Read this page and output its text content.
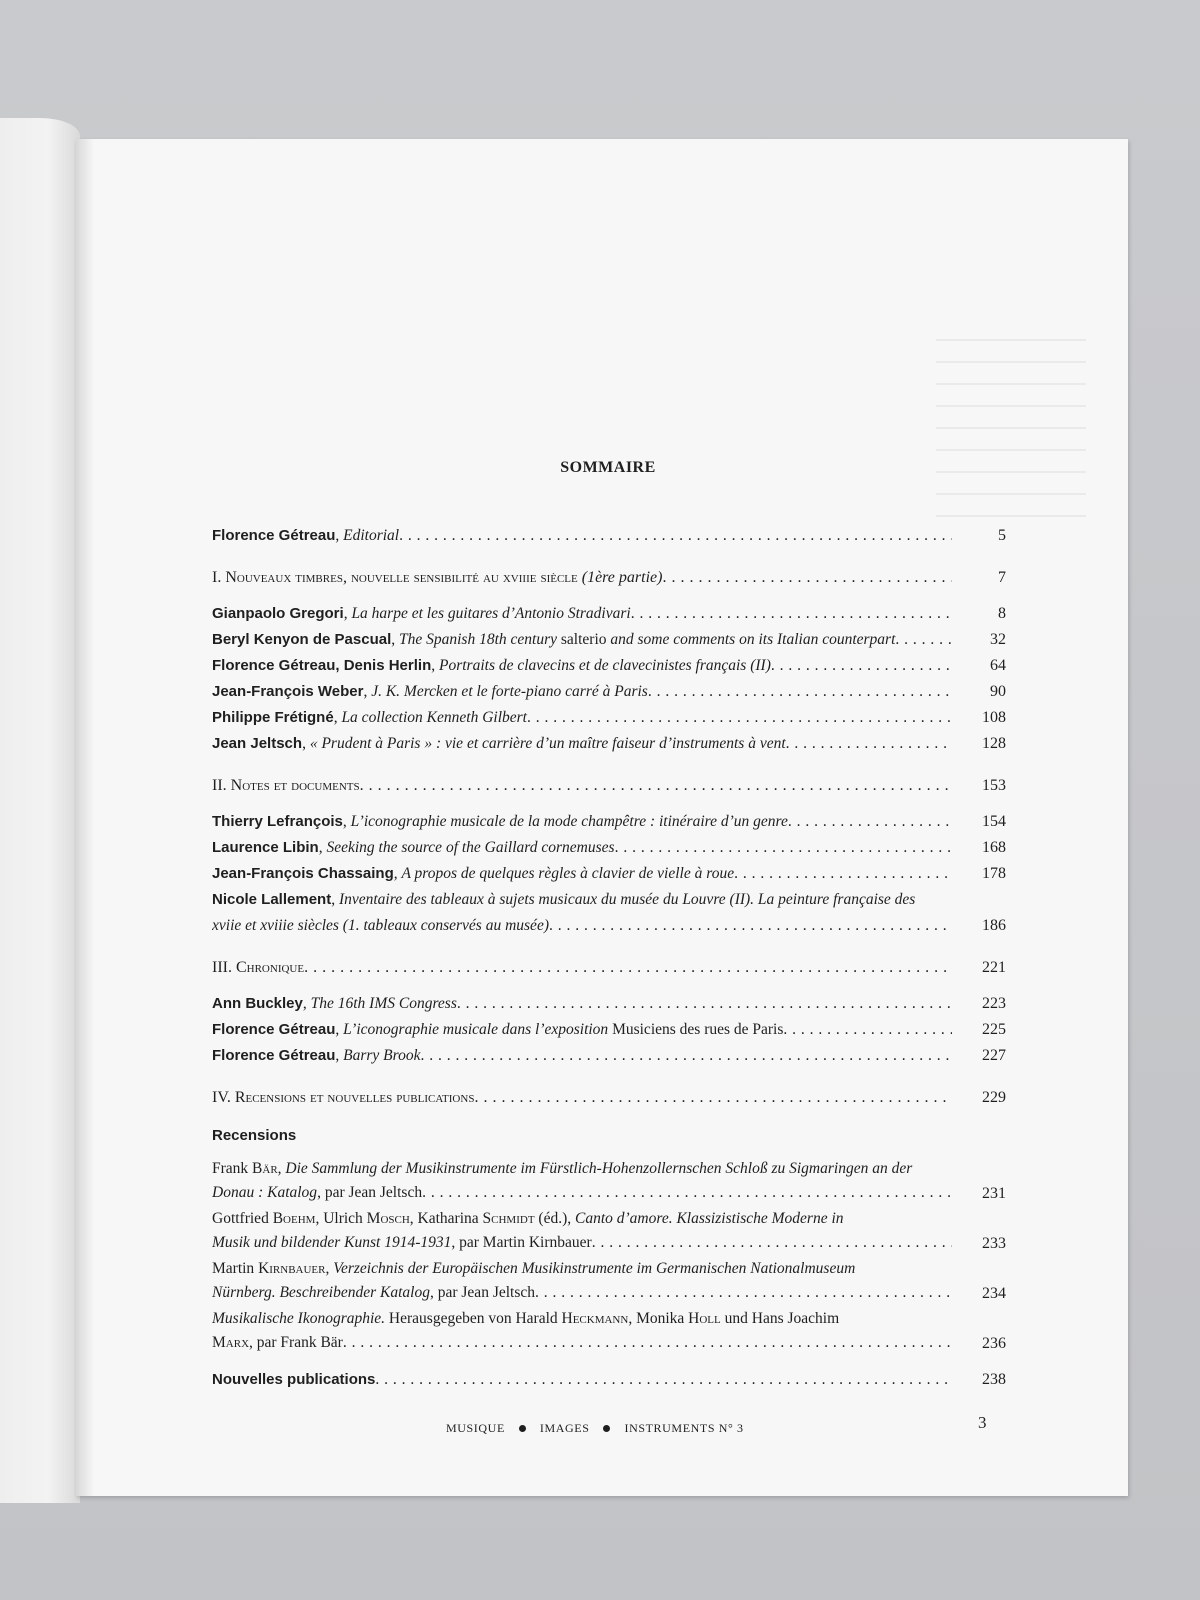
SOMMAIRE
Florence Gétreau, Editorial . . .	5
I. Nouveaux timbres, nouvelle sensibilité au xviiie siècle (1ère partie) . . .	7
Gianpaolo Gregori, La harpe et les guitares d’Antonio Stradivari . . .	8
Beryl Kenyon de Pascual, The Spanish 18th century salterio and some comments on its Italian counterpart . . .	32
Florence Gétreau, Denis Herlin, Portraits de clavecins et de clavecinistes français (II) . . .	64
Jean-François Weber, J. K. Mercken et le forte-piano carré à Paris . . .	90
Philippe Frétigné, La collection Kenneth Gilbert . . .	108
Jean Jeltsch, « Prudent à Paris » : vie et carrière d’un maître faiseur d’instruments à vent . . .	128
II. Notes et documents . . .	153
Thierry Lefrançois, L’iconographie musicale de la mode champêtre : itinéraire d’un genre . . .	154
Laurence Libin, Seeking the source of the Gaillard cornemuses . . .	168
Jean-François Chassaing, A propos de quelques règles à clavier de vielle à roue . . .	178
Nicole Lallement, Inventaire des tableaux à sujets musicaux du musée du Louvre (II). La peinture française des
xviie et xviiie siècles (1. tableaux conservés au musée) . . .	186
III. Chronique . . .	221
Ann Buckley, The 16th IMS Congress . . .	223
Florence Gétreau, L’iconographie musicale dans l’exposition Musiciens des rues de Paris . . .	225
Florence Gétreau, Barry Brook . . .	227
IV. Recensions et nouvelles publications . . .	229
Recensions
Frank Bär, Die Sammlung der Musikinstrumente im Fürstlich-Hohenzollernschen Schloß zu Sigmaringen an der
Donau : Katalog, par Jean Jeltsch . . .	231
Gottfried Boehm, Ulrich Mosch, Katharina Schmidt (éd.), Canto d’amore. Klassizistische Moderne in
Musik und bildender Kunst 1914-1931, par Martin Kirnbauer . . .	233
Martin Kirnbauer, Verzeichnis der Europäischen Musikinstrumente im Germanischen Nationalmuseum
Nürnberg. Beschreibender Katalog, par Jean Jeltsch . . .	234
Musikalische Ikonographie. Herausgegeben von Harald Heckmann, Monika Holl und Hans Joachim
Marx, par Frank Bär . . .	236
Nouvelles publications . . .	238
MUSIQUE	IMAGES	INSTRUMENTS N° 3	3
